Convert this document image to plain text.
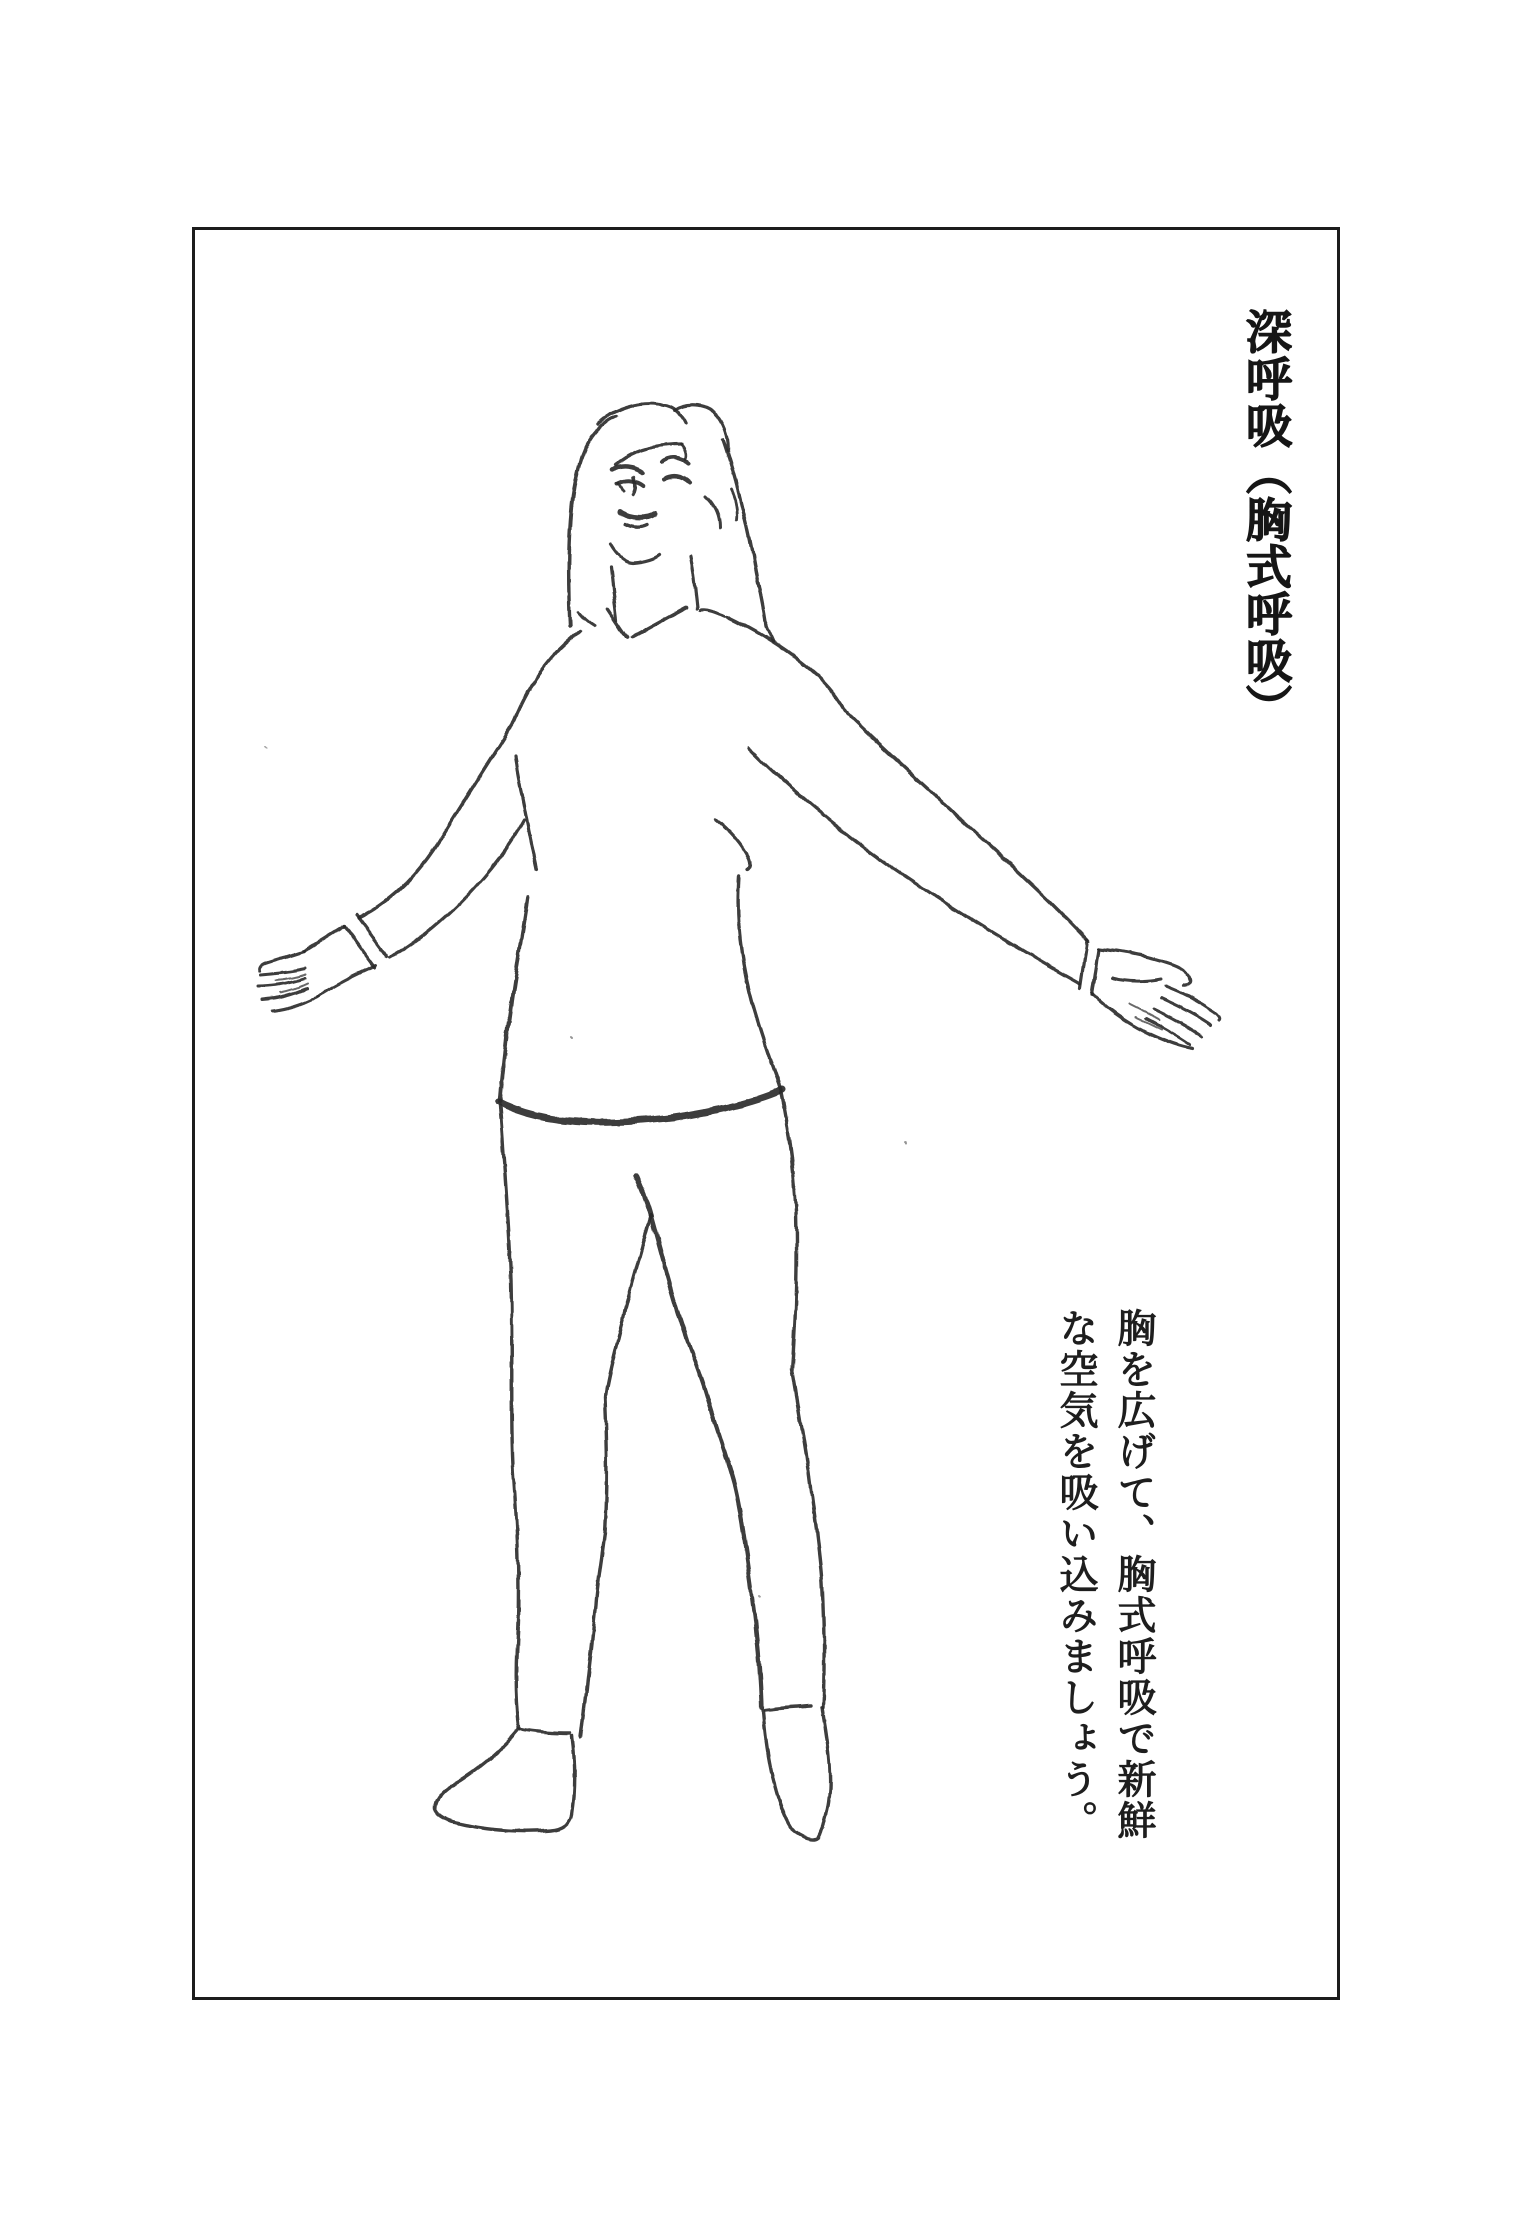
深呼吸（胸式呼吸）
胸を広げて、胸式呼吸で新鮮
な空気を吸い込みましょう。
